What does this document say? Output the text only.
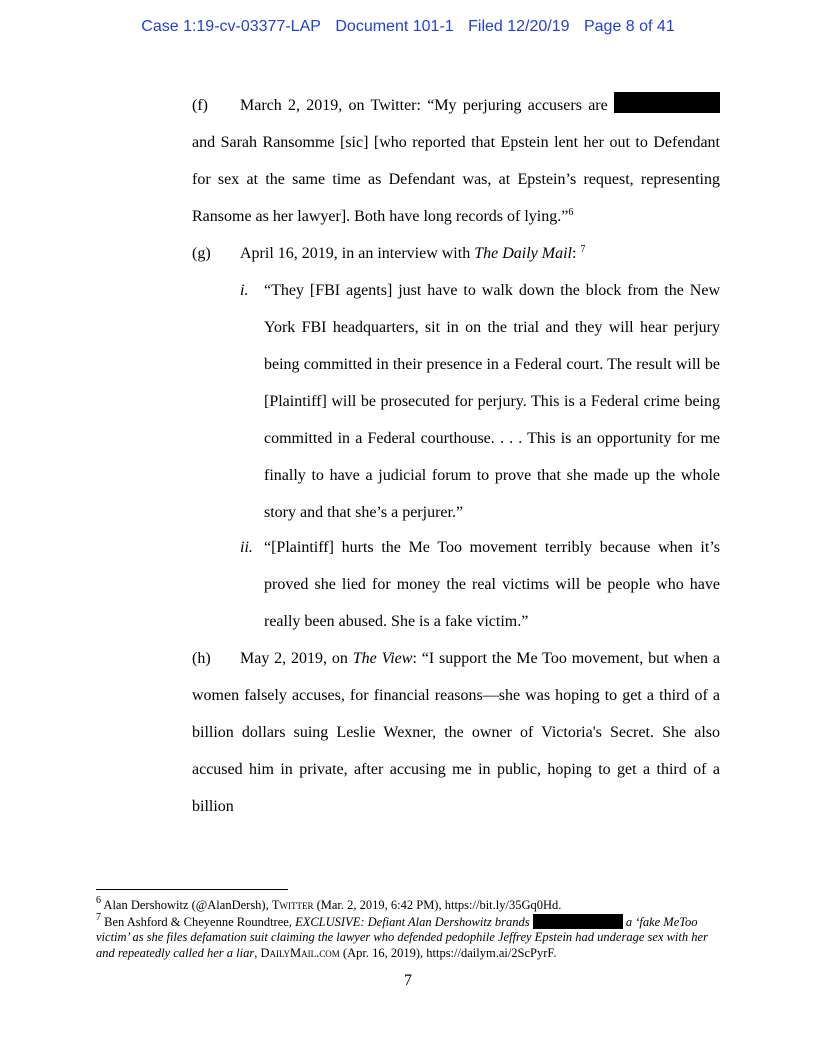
Case 1:19-cv-03377-LAP Document 101-1 Filed 12/20/19 Page 8 of 41

(f) March 2, 2019, on Twitter: “My perjuring accusers are  and Sarah Ransomme [sic] [who reported that Epstein lent her out to Defendant for sex at the same time as Defendant was, at Epstein’s request, representing Ransome as her lawyer]. Both have long records of lying.”$^6$

(g) April 16, 2019, in an interview with The Daily Mail: $^7$

i. “They [FBI agents] just have to walk down the block from the New York FBI headquarters, sit in on the trial and they will hear perjury being committed in their presence in a Federal court. The result will be [Plaintiff] will be prosecuted for perjury. This is a Federal crime being committed in a Federal courthouse. . . . This is an opportunity for me finally to have a judicial forum to prove that she made up the whole story and that she’s a perjurer.”

ii. “[Plaintiff] hurts the Me Too movement terribly because when it’s proved she lied for money the real victims will be people who have really been abused. She is a fake victim.”

(h) May 2, 2019, on The View: “I support the Me Too movement, but when a women falsely accuses, for financial reasons—she was hoping to get a third of a billion dollars suing Leslie Wexner, the owner of Victoria's Secret. She also accused him in private, after accusing me in public, hoping to get a third of a billion

$^6$ Alan Dershowitz (@AlanDersh), Twitter (Mar. 2, 2019, 6:42 PM), https://bit.ly/35Gq0Hd.

$^7$ Ben Ashford & Cheyenne Roundtree, EXCLUSIVE: Defiant Alan Dershowitz brands	a ‘fake MeToo victim’ as she files defamation suit claiming the lawyer who defended pedophile Jeffrey Epstein had underage sex with her and repeatedly called her a liar, DailyMail.com (Apr. 16, 2019), https://dailym.ai/2ScPyrF.

7
